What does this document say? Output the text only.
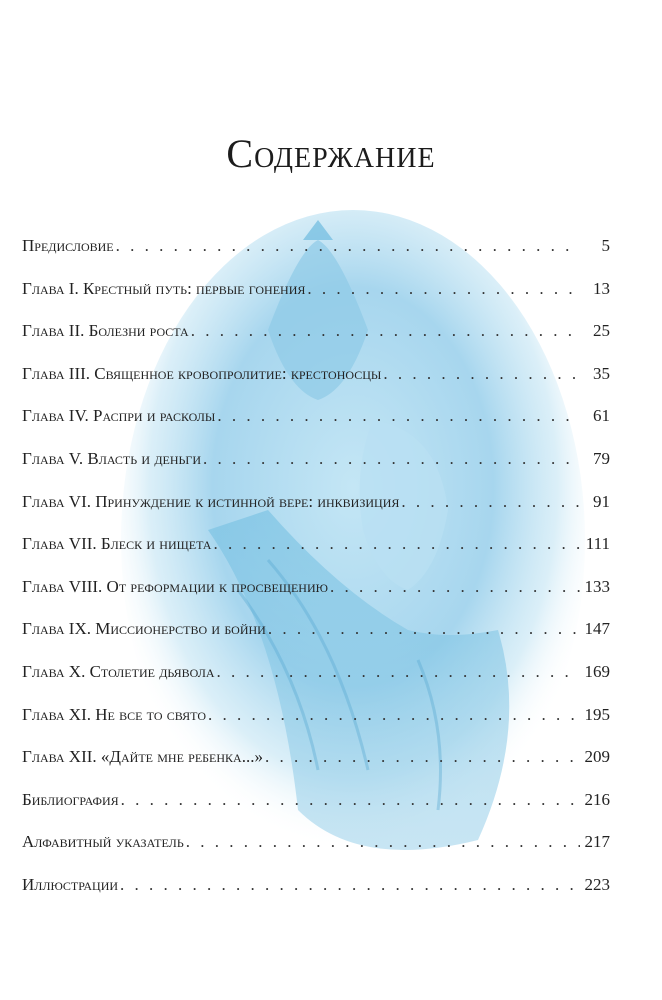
Содержание
Предисловие . . .	5
Глава I. Крестный путь: первые гонения . . .	13
Глава II. Болезни роста . . .	25
Глава III. Священное кровопролитие: крестоносцы . . .	35
Глава IV. Распри и расколы . . .	61
Глава V. Власть и деньги . . .	79
Глава VI. Принуждение к истинной вере: инквизиция . . .	91
Глава VII. Блеск и нищета . . .	111
Глава VIII. От реформации к просвещению . . .	133
Глава IX. Миссионерство и бойни . . .	147
Глава X. Столетие дьявола . . .	169
Глава XI. Не все то свято . . .	195
Глава XII. «Дайте мне ребенка...» . . .	209
Библиография . . .	216
Алфавитный указатель . . .	217
Иллюстрации . . .	223
